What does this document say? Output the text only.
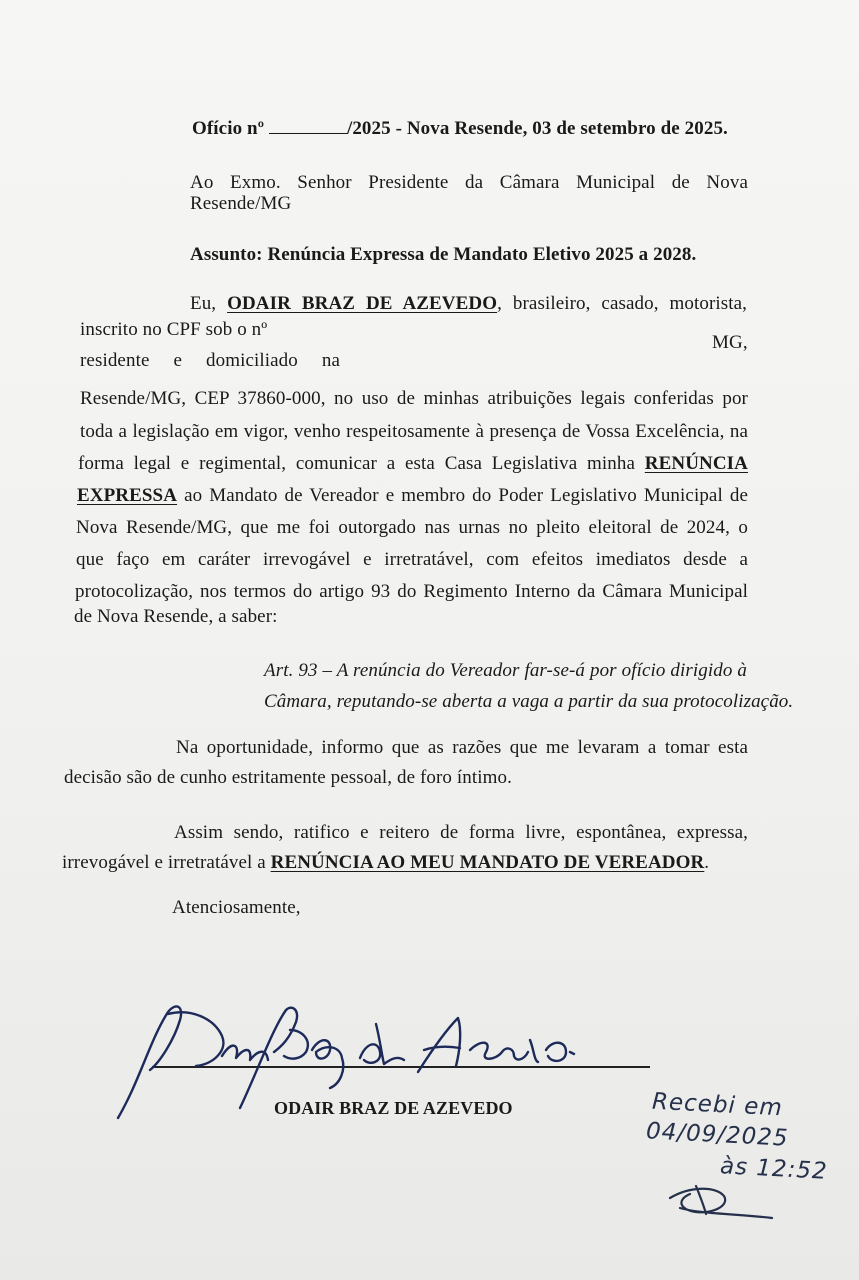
Ofício nº	/2025 - Nova Resende, 03 de setembro de 2025.
Ao Exmo. Senhor Presidente da Câmara Municipal de Nova
Resende/MG
Assunto: Renúncia Expressa de Mandato Eletivo 2025 a 2028.
Eu, ODAIR BRAZ DE AZEVEDO, brasileiro, casado, motorista,
inscrito no CPF sob o nº
MG,
residente e domiciliado na
Resende/MG, CEP 37860-000, no uso de minhas atribuições legais conferidas por
toda a legislação em vigor, venho respeitosamente à presença de Vossa Excelência, na
forma legal e regimental, comunicar a esta Casa Legislativa minha RENÚNCIA
EXPRESSA ao Mandato de Vereador e membro do Poder Legislativo Municipal de
Nova Resende/MG, que me foi outorgado nas urnas no pleito eleitoral de 2024, o
que faço em caráter irrevogável e irretratável, com efeitos imediatos desde a
protocolização, nos termos do artigo 93 do Regimento Interno da Câmara Municipal
de Nova Resende, a saber:
Art. 93 – A renúncia do Vereador far-se-á por ofício dirigido à
Câmara, reputando-se aberta a vaga a partir da sua protocolização.
Na oportunidade, informo que as razões que me levaram a tomar esta
decisão são de cunho estritamente pessoal, de foro íntimo.
Assim sendo, ratifico e reitero de forma livre, espontânea, expressa,
irrevogável e irretratável a RENÚNCIA AO MEU MANDATO DE VEREADOR.
Atenciosamente,
ODAIR BRAZ DE AZEVEDO	Recebi em
04/09/2025
às 12:52
